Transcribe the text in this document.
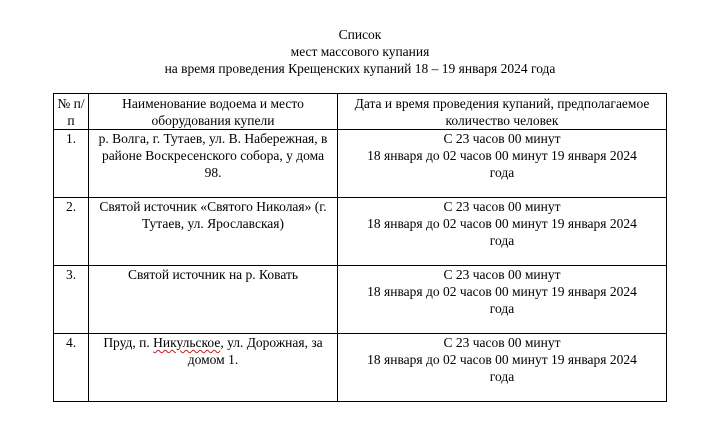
Список
мест массового купания
на время проведения Крещенских купаний 18 – 19 января 2024 года
№ п/п	Наименование водоема и место оборудования купели	Дата и время проведения купаний, предполагаемое количество человек
1.	р. Волга, г. Тутаев, ул. В. Набережная, в районе Воскресенского собора, у дома 98.	С 23 часов 00 минут
18 января до 02 часов 00 минут 19 января 2024
года

2.	Святой источник «Святого Николая» (г. Тутаев, ул. Ярославская)	С 23 часов 00 минут
18 января до 02 часов 00 минут 19 января 2024
года

3.	Святой источник на р. Ковать	С 23 часов 00 минут
18 января до 02 часов 00 минут 19 января 2024
года

4.	Пруд, п. Никульское, ул. Дорожная, за домом 1.	С 23 часов 00 минут
18 января до 02 часов 00 минут 19 января 2024
года
